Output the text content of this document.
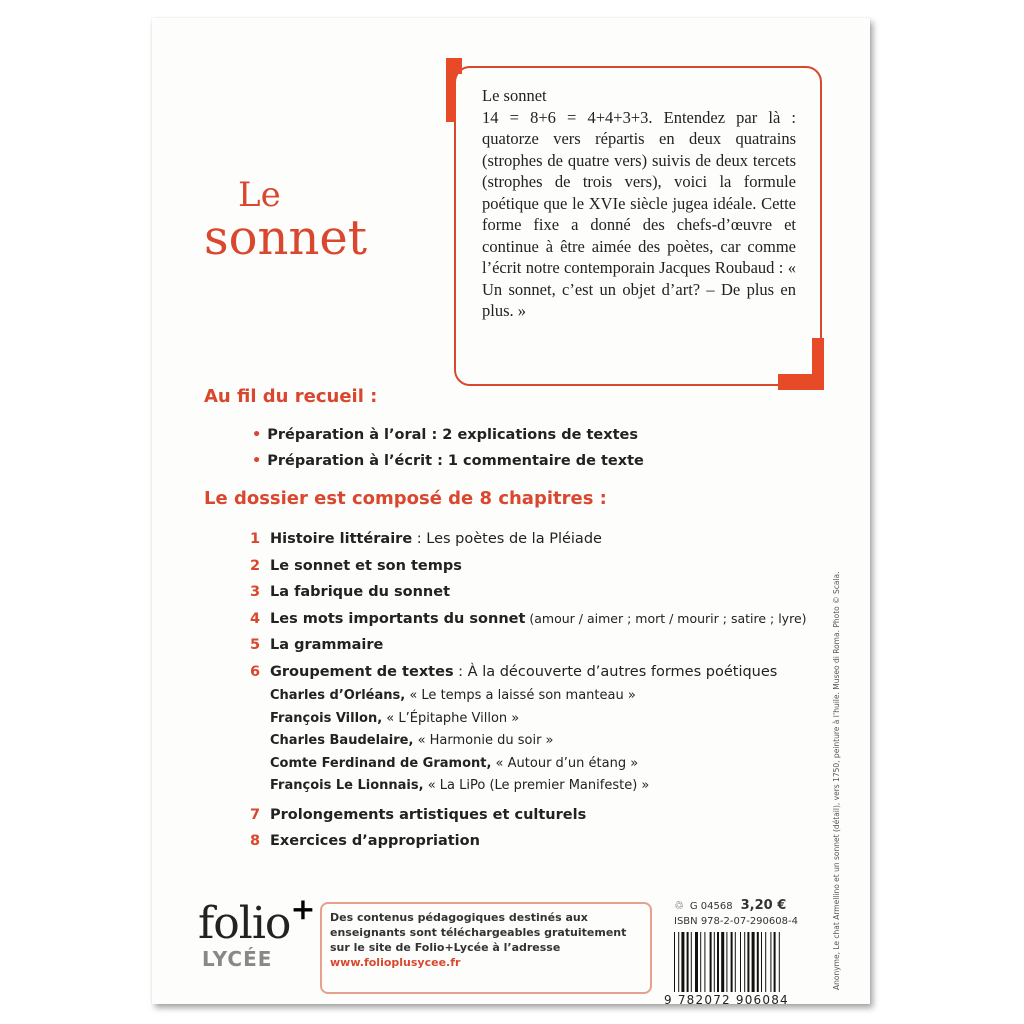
Le
sonnet

Le sonnet

14 = 8+6 = 4+4+3+3. Entendez par là : quatorze vers répartis en deux quatrains (strophes de quatre vers) suivis de deux tercets (strophes de trois vers), voici la formule poétique que le XVIe siècle jugea idéale. Cette forme fixe a donné des chefs-d’œuvre et continue à être aimée des poètes, car comme l’écrit notre contemporain Jacques Roubaud : « Un sonnet, c’est un objet d’art? – De plus en plus. »

Au fil du recueil :
• Préparation à l’oral : 2 explications de textes
• Préparation à l’écrit : 1 commentaire de texte
Le dossier est composé de 8 chapitres :
1 Histoire littéraire : Les poètes de la Pléiade
2 Le sonnet et son temps
3 La fabrique du sonnet
4 Les mots importants du sonnet (amour / aimer ; mort / mourir ; satire ; lyre)
5 La grammaire
6 Groupement de textes : À la découverte d’autres formes poétiques
Charles d’Orléans, « Le temps a laissé son manteau »
François Villon, « L’Épitaphe Villon »
Charles Baudelaire, « Harmonie du soir »
Comte Ferdinand de Gramont, « Autour d’un étang »
François Le Lionnais, « La LiPo (Le premier Manifeste) »
7 Prolongements artistiques et culturels
8 Exercices d’appropriation
folio+
LYCÉE
Des contenus pédagogiques destinés aux enseignants sont téléchargeables gratuitement sur le site de Folio+Lycée à l’adresse
www.folioplusycee.fr
♲ G 04568 3,20 €
ISBN 978-2-07-290608-4
9 782072 906084
Anonyme, Le chat Armellino et un sonnet (détail), vers 1750, peinture à l’huile. Museo di Roma. Photo © Scala.
